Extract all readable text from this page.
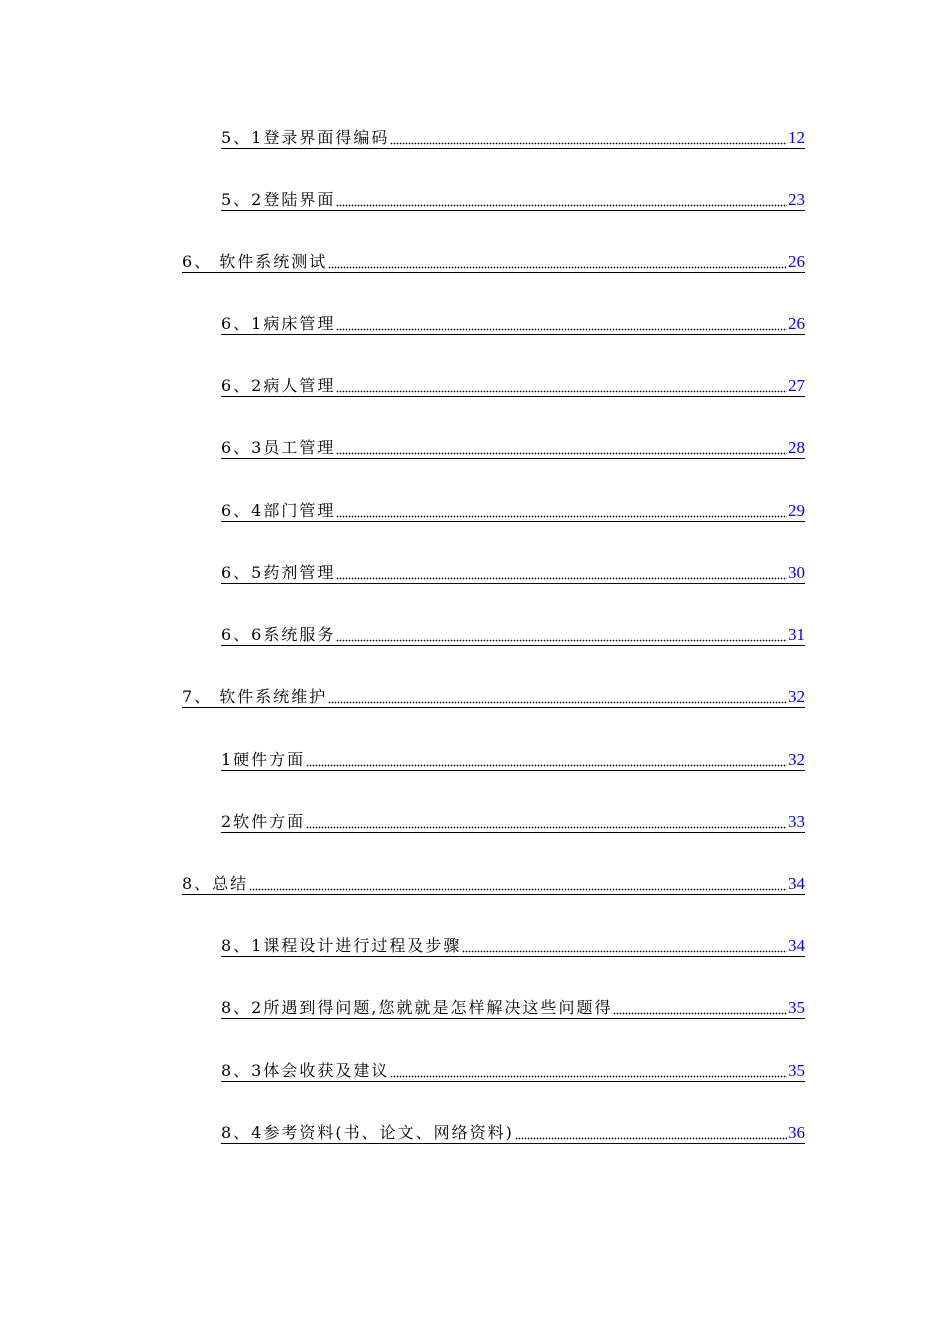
5、1登录界面得编码	12
5、2登陆界面	23
6、 软件系统测试	26
6、1病床管理	26
6、2病人管理	27
6、3员工管理	28
6、4部门管理	29
6、5药剂管理	30
6、6系统服务	31
7、 软件系统维护	32
1硬件方面	32
2软件方面	33
8、总结	34
8、1课程设计进行过程及步骤	34
8、2所遇到得问题,您就就是怎样解决这些问题得	35
8、3体会收获及建议	35
8、4参考资料(书、论文、网络资料)	36
